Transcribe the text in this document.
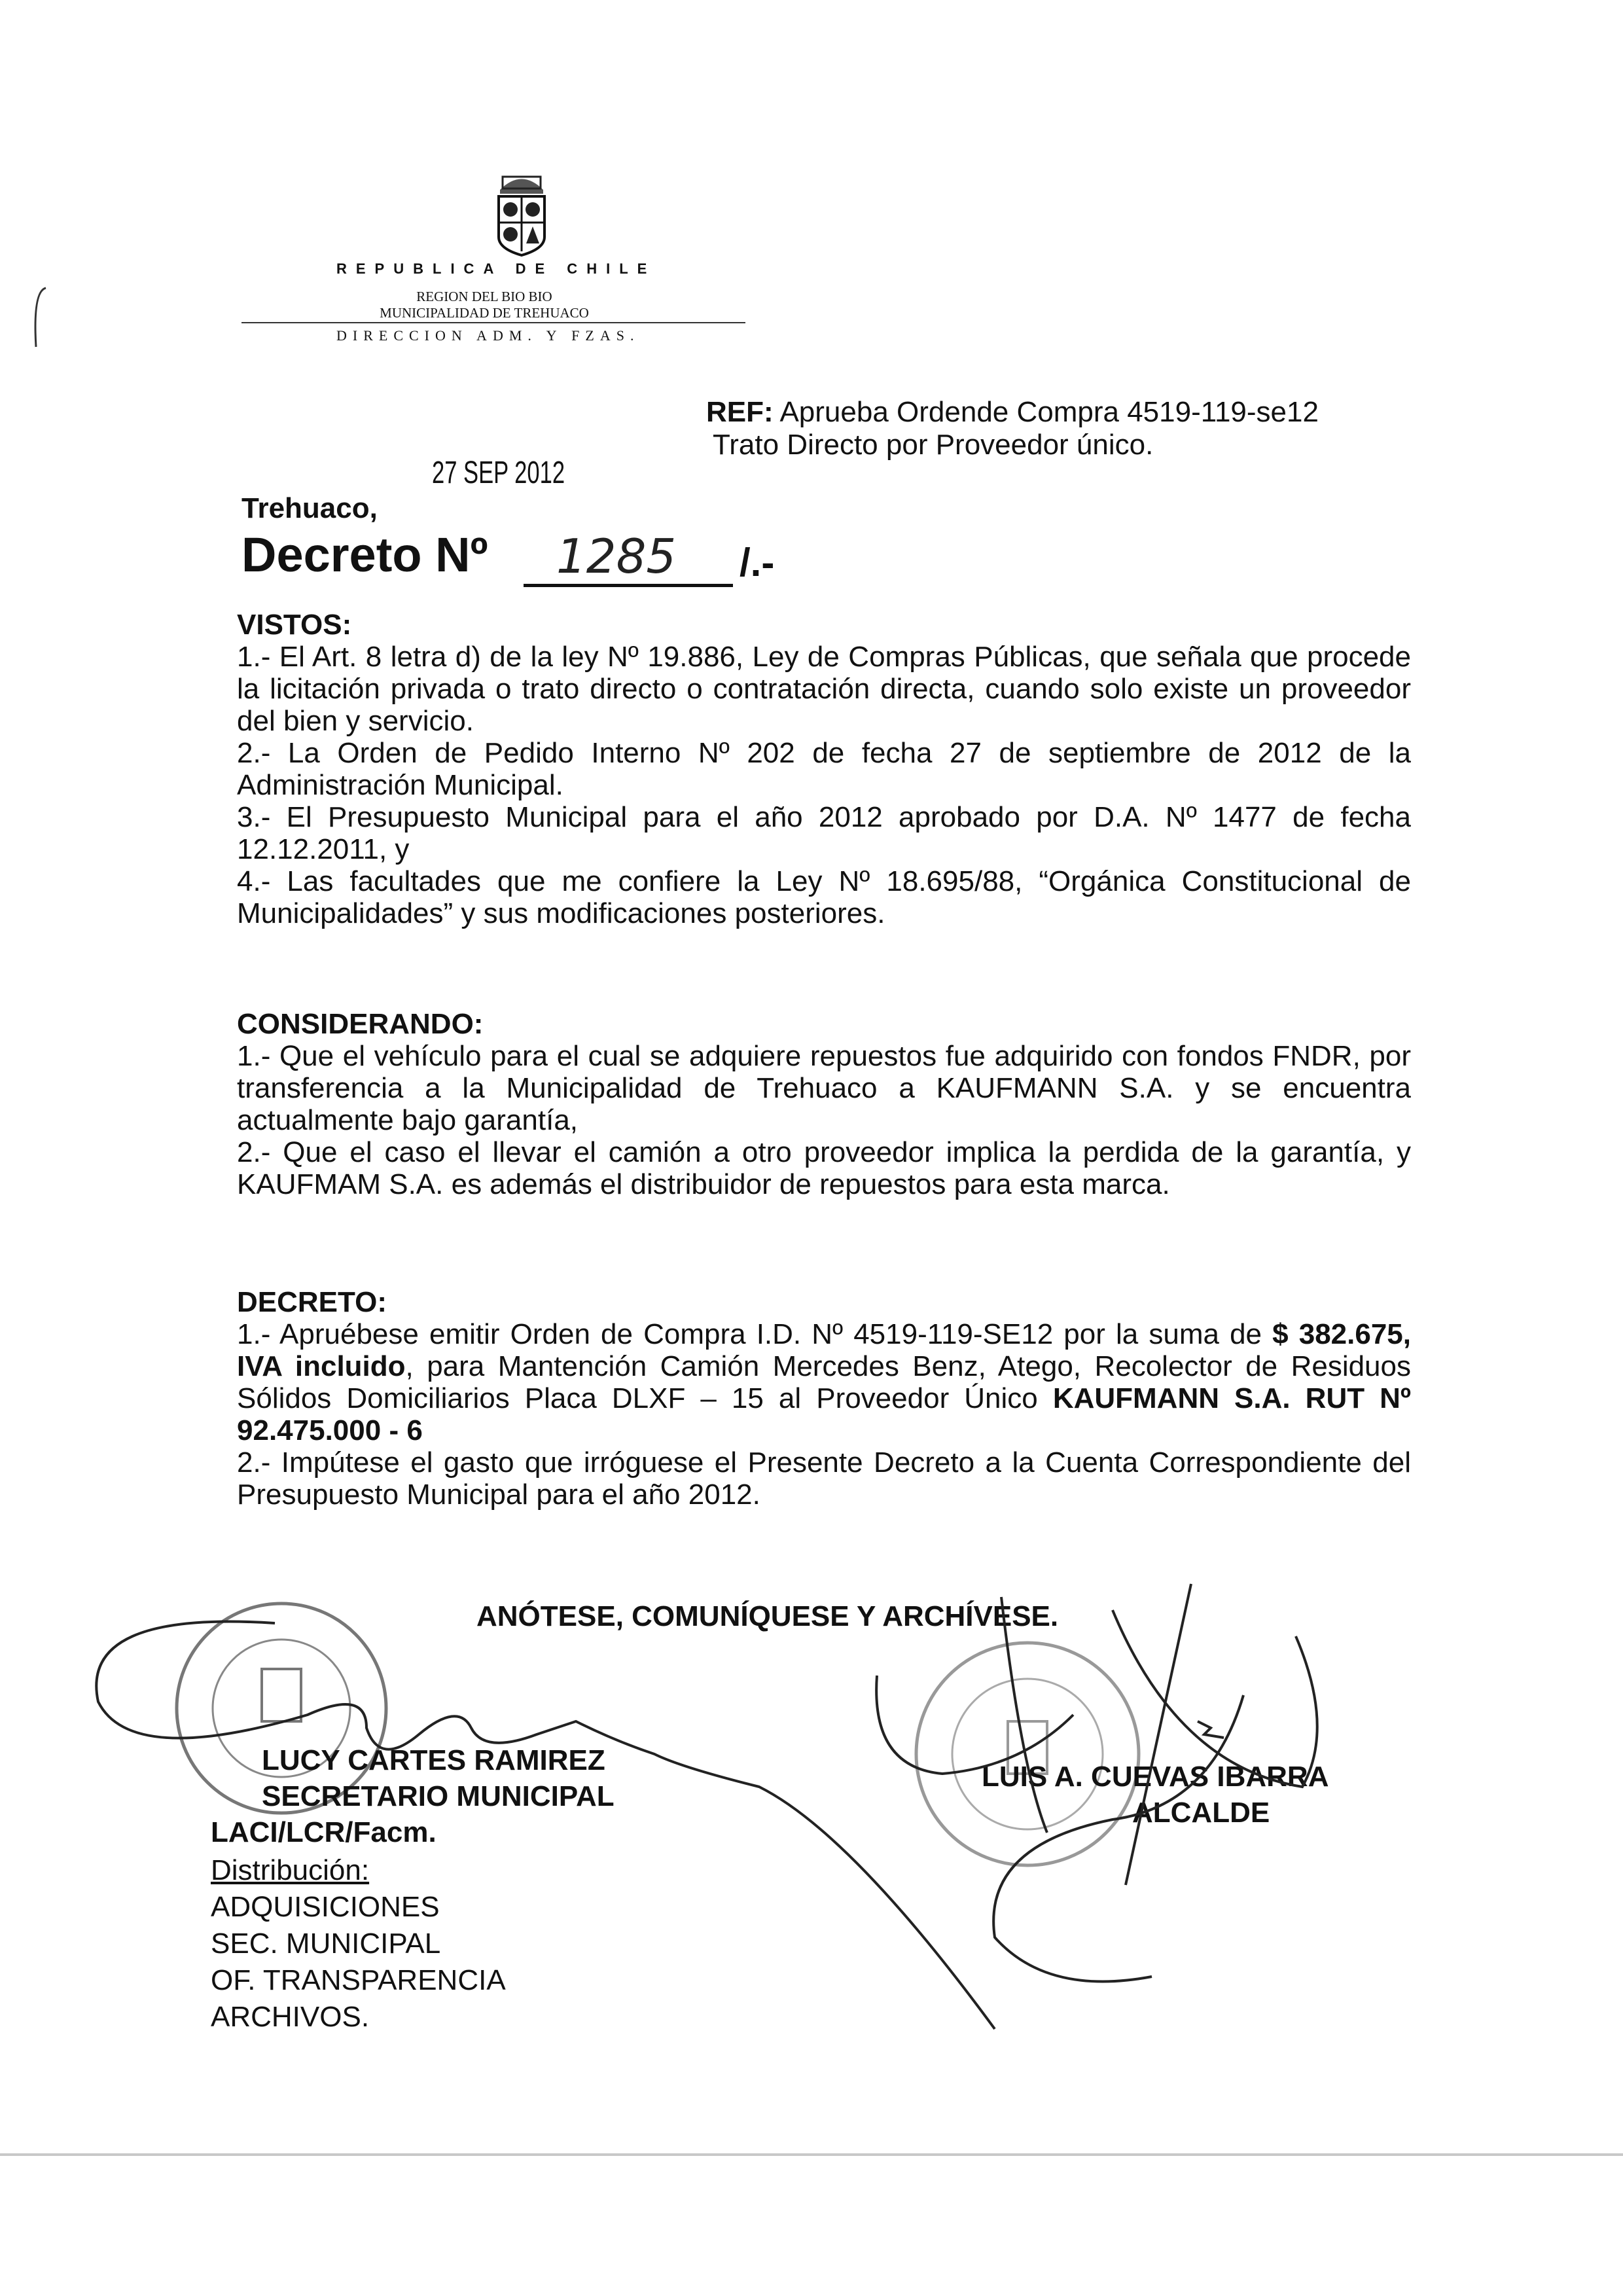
REPUBLICA DE CHILE
REGION DEL BIO BIO
MUNICIPALIDAD DE TREHUACO
DIRECCION ADM. Y FZAS.
REF: Aprueba Ordende Compra 4519-119-se12
Trato Directo por Proveedor único.
27 SEP 2012
Trehuaco,
Decreto Nº 1285 /.-
VISTOS:

1.- El Art. 8 letra d) de la ley Nº 19.886, Ley de Compras Públicas, que señala que procede la licitación privada o trato directo o contratación directa, cuando solo existe un proveedor del bien y servicio.

2.- La Orden de Pedido Interno Nº 202 de fecha 27 de septiembre de 2012 de la Administración Municipal.

3.- El Presupuesto Municipal para el año 2012 aprobado por D.A. Nº 1477 de fecha 12.12.2011, y

4.- Las facultades que me confiere la Ley Nº 18.695/88, “Orgánica Constitucional de Municipalidades” y sus modificaciones posteriores.

CONSIDERANDO:

1.- Que el vehículo para el cual se adquiere repuestos fue adquirido con fondos FNDR, por transferencia a la Municipalidad de Trehuaco a KAUFMANN S.A. y se encuentra actualmente bajo garantía,

2.- Que el caso el llevar el camión a otro proveedor implica la perdida de la garantía, y KAUFMAM S.A. es además el distribuidor de repuestos para esta marca.

DECRETO:

1.- Apruébese emitir Orden de Compra I.D. Nº 4519-119-SE12 por la suma de $ 382.675, IVA incluido, para Mantención Camión Mercedes Benz, Atego, Recolector de Residuos Sólidos Domiciliarios Placa DLXF – 15 al Proveedor Único KAUFMANN S.A. RUT Nº 92.475.000 - 6

2.- Impútese el gasto que irróguese el Presente Decreto a la Cuenta Correspondiente del Presupuesto Municipal para el año 2012.

ANÓTESE, COMUNÍQUESE Y ARCHÍVESE.
LUCY CARTES RAMIREZ
SECRETARIO MUNICIPAL
LUIS A. CUEVAS IBARRA
ALCALDE
LACI/LCR/Facm.
Distribución:
ADQUISICIONES
SEC. MUNICIPAL
OF. TRANSPARENCIA
ARCHIVOS.
